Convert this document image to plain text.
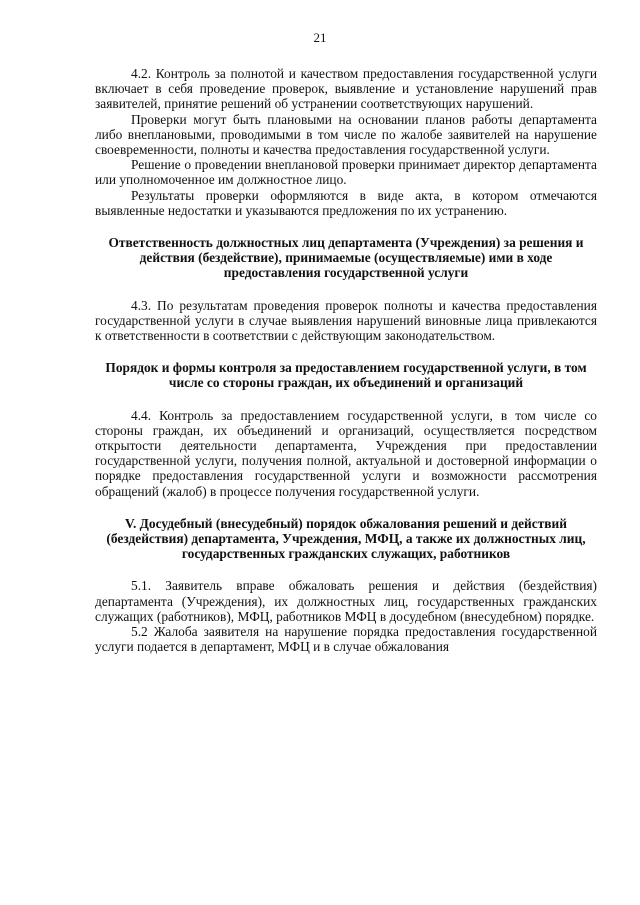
21

4.2. Контроль за полнотой и качеством предоставления государственной услуги включает в себя проведение проверок, выявление и установление нарушений прав заявителей, принятие решений об устранении соответствующих нарушений.

Проверки могут быть плановыми на основании планов работы департамента либо внеплановыми, проводимыми в том числе по жалобе заявителей на нарушение своевременности, полноты и качества предоставления государственной услуги.

Решение о проведении внеплановой проверки принимает директор департамента или уполномоченное им должностное лицо.

Результаты проверки оформляются в виде акта, в котором отмечаются выявленные недостатки и указываются предложения по их устранению.

Ответственность должностных лиц департамента (Учреждения) за решения и действия (бездействие), принимаемые (осуществляемые) ими в ходе предоставления государственной услуги

4.3. По результатам проведения проверок полноты и качества предоставления государственной услуги в случае выявления нарушений виновные лица привлекаются к ответственности в соответствии с действующим законодательством.

Порядок и формы контроля за предоставлением государственной услуги, в том числе со стороны граждан, их объединений и организаций

4.4. Контроль за предоставлением государственной услуги, в том числе со стороны граждан, их объединений и организаций, осуществляется посредством открытости деятельности департамента, Учреждения при предоставлении государственной услуги, получения полной, актуальной и достоверной информации о порядке предоставления государственной услуги и возможности рассмотрения обращений (жалоб) в процессе получения государственной услуги.

V. Досудебный (внесудебный) порядок обжалования решений и действий (бездействия) департамента, Учреждения, МФЦ, а также их должностных лиц, государственных гражданских служащих, работников

5.1. Заявитель вправе обжаловать решения и действия (бездействия) департамента (Учреждения), их должностных лиц, государственных гражданских служащих (работников), МФЦ, работников МФЦ в досудебном (внесудебном) порядке.

5.2 Жалоба заявителя на нарушение порядка предоставления государственной услуги подается в департамент, МФЦ и в случае обжалования
